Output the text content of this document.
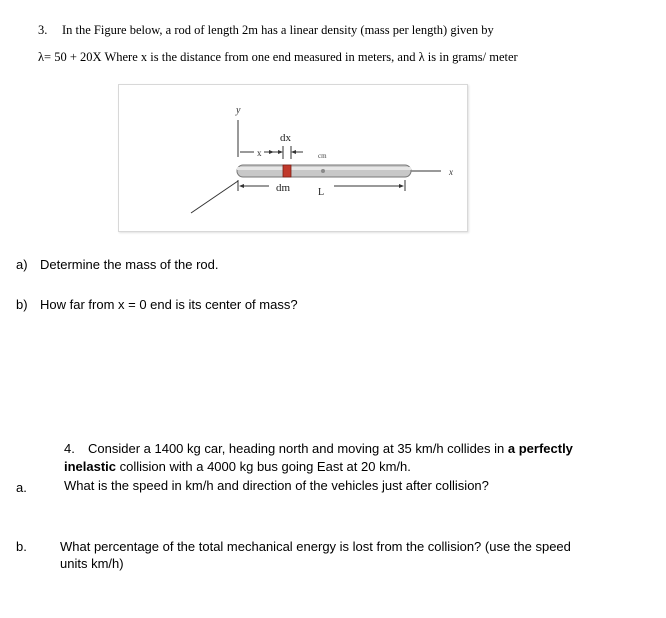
3. In the Figure below, a rod of length 2m has a linear density (mass per length) given by
λ= 50 + 20X Where x is the distance from one end measured in meters, and λ is in grams/ meter
y
x
dx
x	cm
dm	L
a) Determine the mass of the rod.
b) How far from x = 0 end is its center of mass?
4. Consider a 1400 kg car, heading north and moving at 35 km/h collides in a perfectly
inelastic collision with a 4000 kg bus going East at 20 km/h.
a.	What is the speed in km/h and direction of the vehicles just after collision?
b.	What percentage of the total mechanical energy is lost from the collision? (use the speed
units km/h)
